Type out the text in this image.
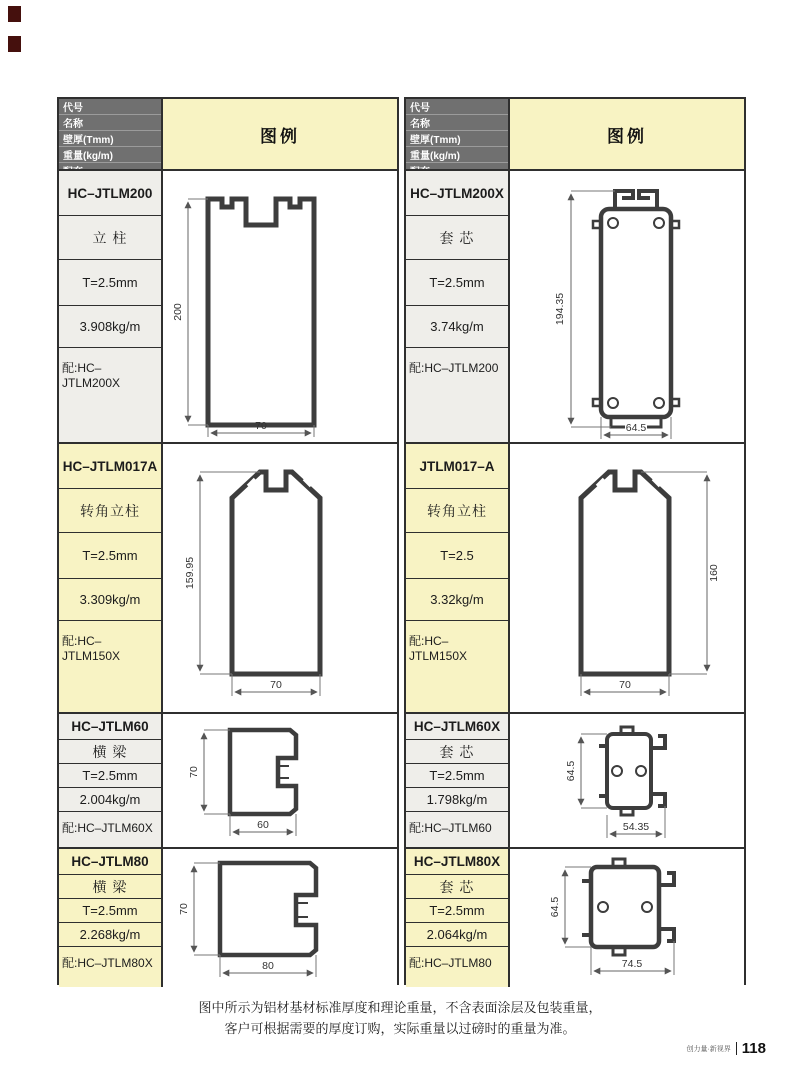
代号
名称
壁厚(Tmm)
重量(kg/m)
图例
HC–JTLM200
立 柱
T=2.5mm
3.908kg/m
配:HC–JTLM200X
200
70
HC–JTLM017A
转角立柱
T=2.5mm
3.309kg/m
配:HC–JTLM150X
159.95
70
HC–JTLM60
横 梁
T=2.5mm
2.004kg/m
配:HC–JTLM60X
70
60
HC–JTLM80
横 梁
T=2.5mm
2.268kg/m
配:HC–JTLM80X
70
80
代号
名称
壁厚(Tmm)
重量(kg/m)
图例
HC–JTLM200X
套 芯
T=2.5mm
3.74kg/m
配:HC–JTLM200
194.35
64.5
JTLM017–A
转角立柱
T=2.5
3.32kg/m
配:HC–JTLM150X
160
70
HC–JTLM60X
套 芯
T=2.5mm
1.798kg/m
配:HC–JTLM60
64.5
54.35
HC–JTLM80X
套 芯
T=2.5mm
2.064kg/m
配:HC–JTLM80
64.5
74.5
图中所示为铝材基材标准厚度和理论重量，不含表面涂层及包装重量，
客户可根据需要的厚度订购，实际重量以过磅时的重量为准。
创力量·新视界 118
